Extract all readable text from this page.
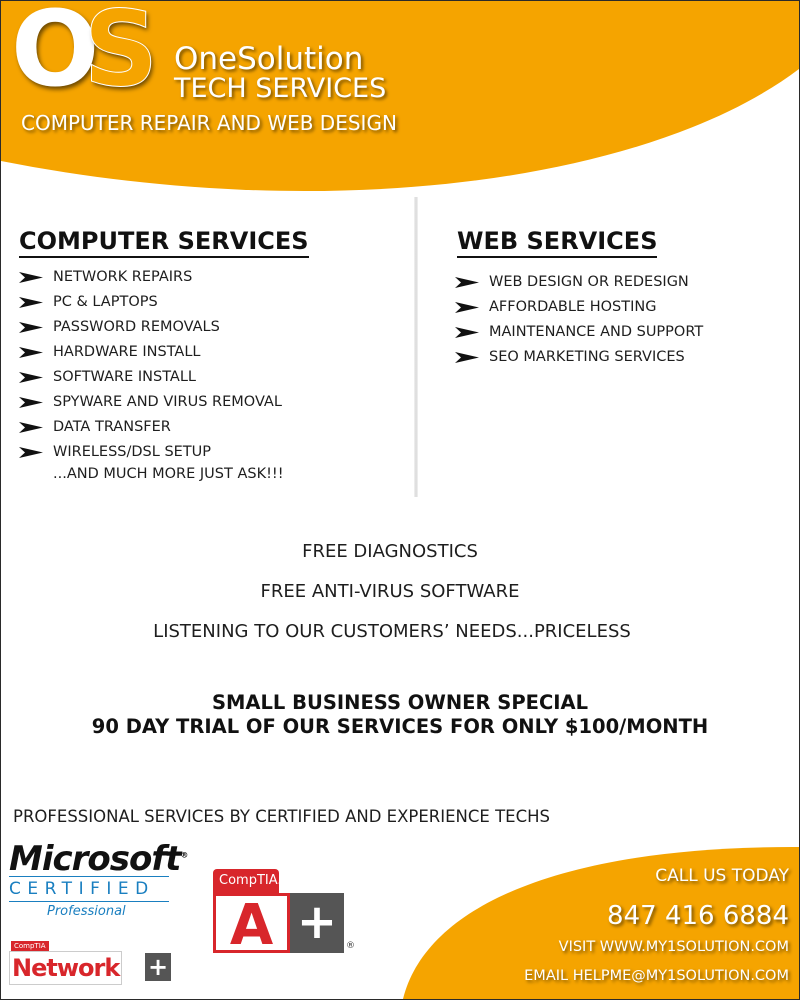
OS OneSolution
TECH SERVICES
COMPUTER REPAIR AND WEB DESIGN
COMPUTER SERVICES
NETWORK REPAIRS
PC & LAPTOPS
PASSWORD REMOVALS
HARDWARE INSTALL
SOFTWARE INSTALL
SPYWARE AND VIRUS REMOVAL
DATA TRANSFER
WIRELESS/DSL SETUP
...AND MUCH MORE JUST ASK!!!
WEB SERVICES
WEB DESIGN OR REDESIGN
AFFORDABLE HOSTING
MAINTENANCE AND SUPPORT
SEO MARKETING SERVICES
FREE DIAGNOSTICS
FREE ANTI-VIRUS SOFTWARE
LISTENING TO OUR CUSTOMERS’ NEEDS...PRICELESS
SMALL BUSINESS OWNER SPECIAL
90 DAY TRIAL OF OUR SERVICES FOR ONLY $100/MONTH
PROFESSIONAL SERVICES BY CERTIFIED AND EXPERIENCE TECHS
Microsoft®
CERTIFIED
Professional
CompTIA
Network +
CompTIA.
A + ®
CALL US TODAY
847 416 6884
VISIT WWW.MY1SOLUTION.COM
EMAIL HELPME@MY1SOLUTION.COM
